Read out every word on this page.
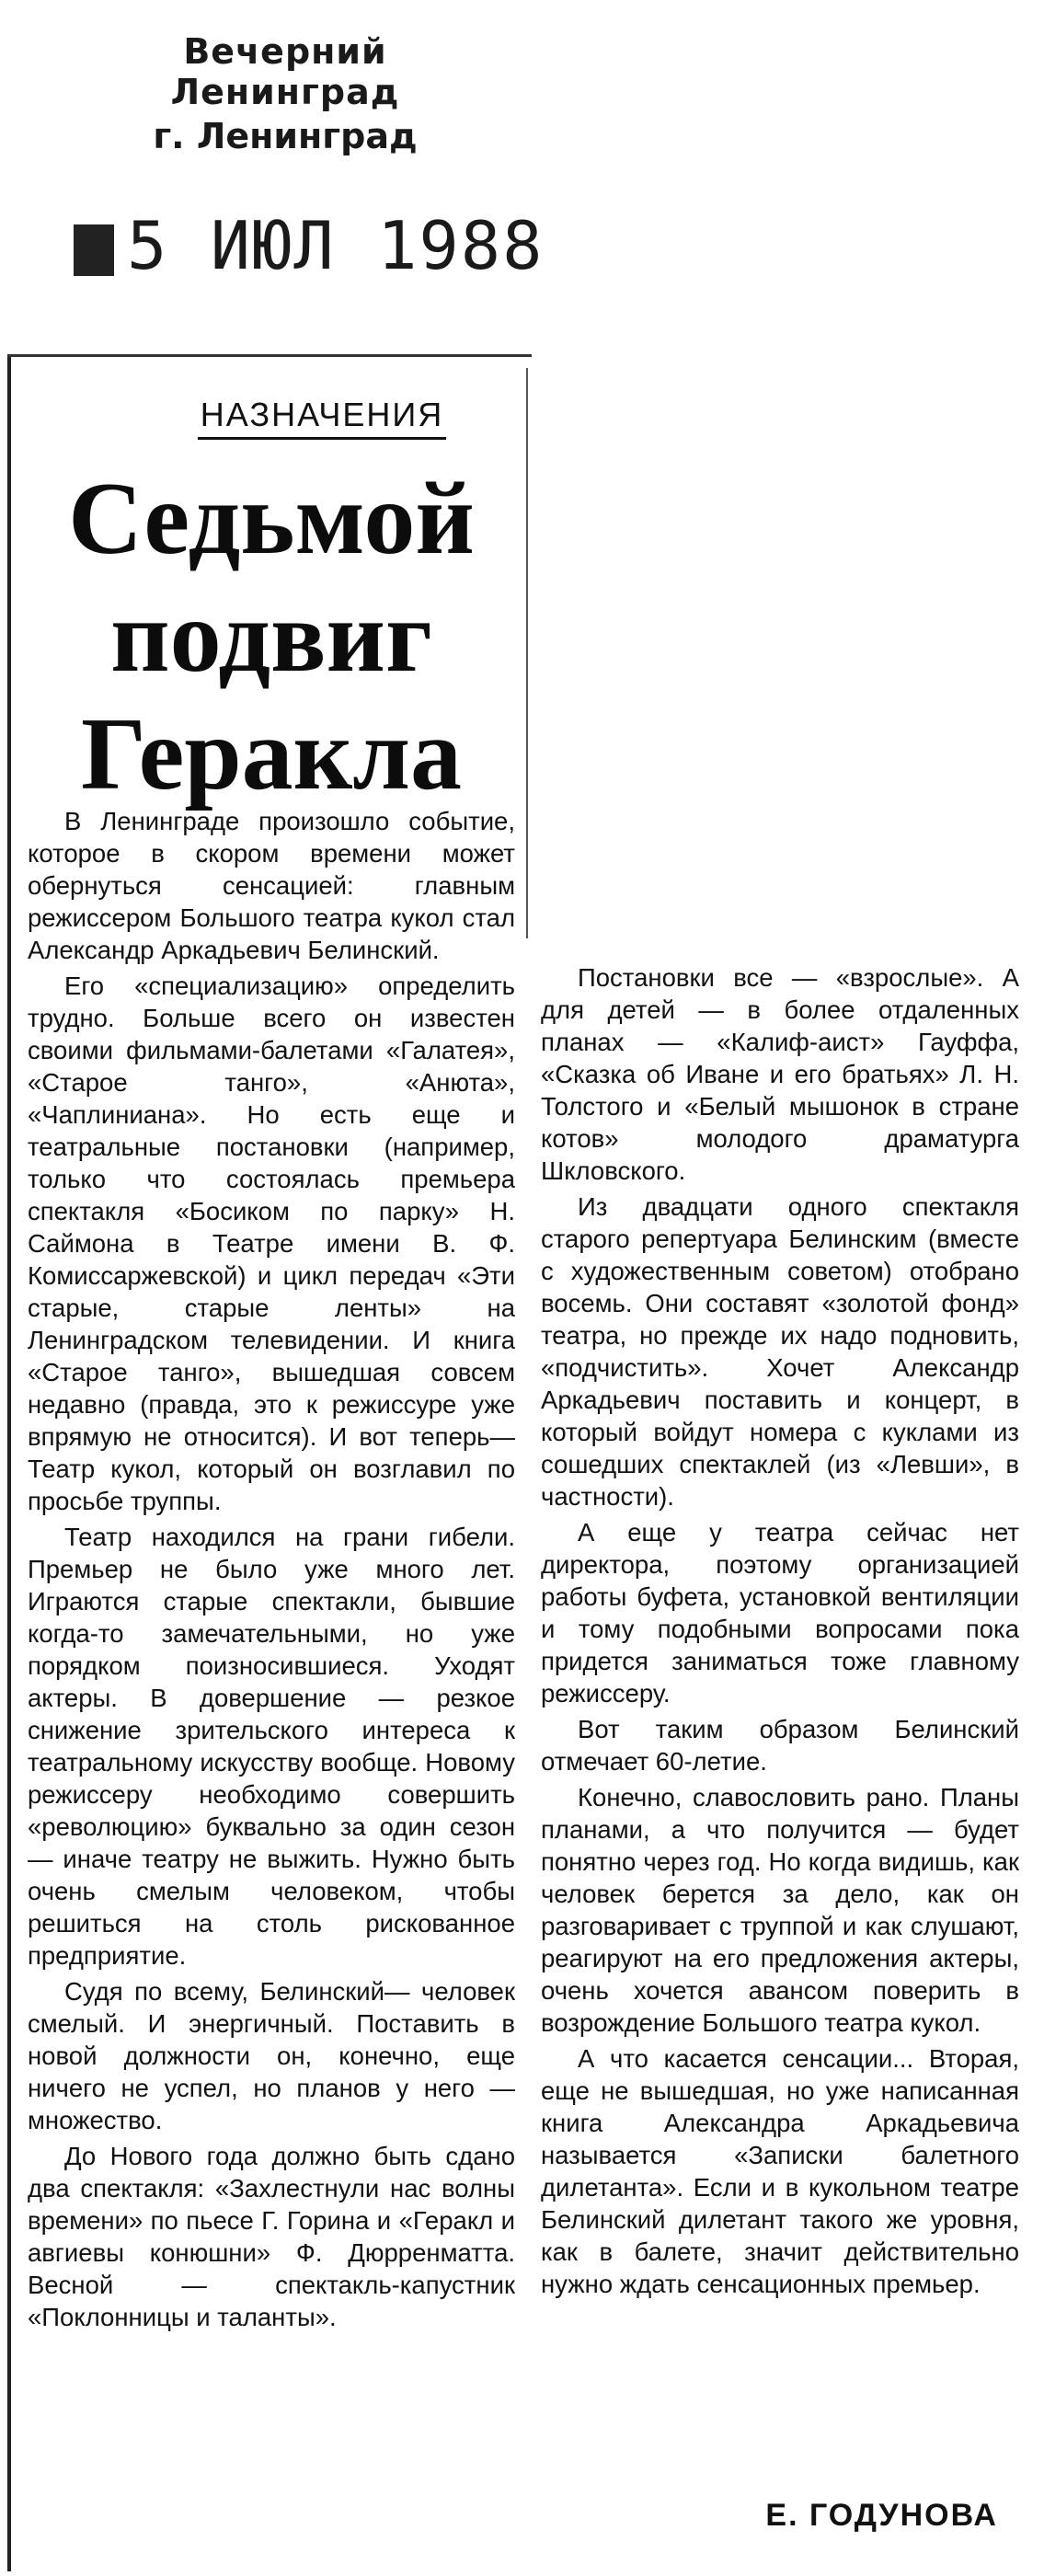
Вечерний Ленинград
г. Ленинград
5 ИЮЛ 1988
НАЗНАЧЕНИЯ
Седьмой подвиг Геракла

В Ленинграде произошло событие, которое в скором времени может обернуться сенсацией: главным режиссером Большого театра кукол стал Александр Аркадьевич Белинский.

Его «специализацию» определить трудно. Больше всего он известен своими фильмами-балетами «Галатея», «Старое танго», «Анюта», «Чаплиниана». Но есть еще и театральные постановки (например, только что состоялась премьера спектакля «Босиком по парку» Н. Саймона в Театре имени В. Ф. Комиссаржевской) и цикл передач «Эти старые, старые ленты» на Ленинградском телевидении. И книга «Старое танго», вышедшая совсем недавно (правда, это к режиссуре уже впрямую не относится). И вот теперь— Театр кукол, который он возглавил по просьбе труппы.

Театр находился на грани гибели. Премьер не было уже много лет. Играются старые спектакли, бывшие когда-то замечательными, но уже порядком поизносившиеся. Уходят актеры. В довершение — резкое снижение зрительского интереса к театральному искусству вообще. Новому режиссеру необходимо совершить «революцию» буквально за один сезон — иначе театру не выжить. Нужно быть очень смелым человеком, чтобы решиться на столь рискованное предприятие.

Судя по всему, Белинский— человек смелый. И энергичный. Поставить в новой должности он, конечно, еще ничего не успел, но планов у него — множество.

До Нового года должно быть сдано два спектакля: «Захлестнули нас волны времени» по пьесе Г. Горина и «Геракл и авгиевы конюшни» Ф. Дюрренматта. Весной — спектакль-капустник «Поклонницы и таланты».

Постановки все — «взрослые». А для детей — в более отдаленных планах — «Калиф-аист» Гауффа, «Сказка об Иване и его братьях» Л. Н. Толстого и «Белый мышонок в стране котов» молодого драматурга Шкловского.

Из двадцати одного спектакля старого репертуара Белинским (вместе с художественным советом) отобрано восемь. Они составят «золотой фонд» театра, но прежде их надо подновить, «подчистить». Хочет Александр Аркадьевич поставить и концерт, в который войдут номера с куклами из сошедших спектаклей (из «Левши», в частности).

А еще у театра сейчас нет директора, поэтому организацией работы буфета, установкой вентиляции и тому подобными вопросами пока придется заниматься тоже главному режиссеру.

Вот таким образом Белинский отмечает 60-летие.

Конечно, славословить рано. Планы планами, а что получится — будет понятно через год. Но когда видишь, как человек берется за дело, как он разговаривает с труппой и как слушают, реагируют на его предложения актеры, очень хочется авансом поверить в возрождение Большого театра кукол.

А что касается сенсации... Вторая, еще не вышедшая, но уже написанная книга Александра Аркадьевича называется «Записки балетного дилетанта». Если и в кукольном театре Белинский дилетант такого же уровня, как в балете, значит действительно нужно ждать сенсационных премьер.

Е. ГОДУНОВА
